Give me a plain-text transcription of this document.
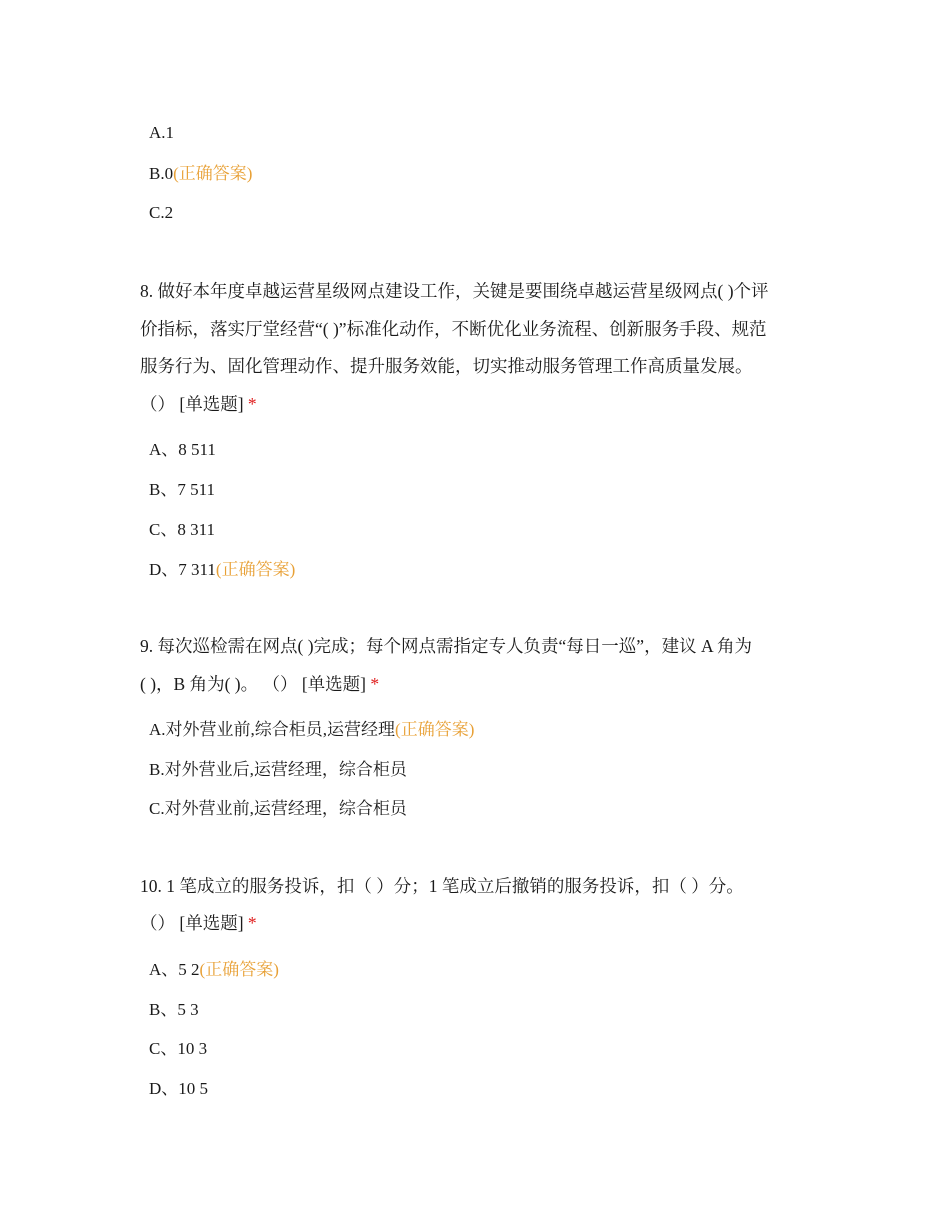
A.1
B.0(正确答案)
C.2
8. 做好本年度卓越运营星级网点建设工作，关键是要围绕卓越运营星级网点( )个评
价指标，落实厅堂经营“( )”标准化动作，不断优化业务流程、创新服务手段、规范
服务行为、固化管理动作、提升服务效能，切实推动服务管理工作高质量发展。
（） [单选题] *
A、8 511
B、7 511
C、8 311
D、7 311(正确答案)
9. 每次巡检需在网点( )完成；每个网点需指定专人负责“每日一巡”，建议 A 角为
( )，B 角为( )。 （） [单选题] *
A.对外营业前,综合柜员,运营经理(正确答案)
B.对外营业后,运营经理，综合柜员
C.对外营业前,运营经理，综合柜员
10. 1 笔成立的服务投诉，扣（ ）分；1 笔成立后撤销的服务投诉，扣（ ）分。
（） [单选题] *
A、5 2(正确答案)
B、5 3
C、10 3
D、10 5
